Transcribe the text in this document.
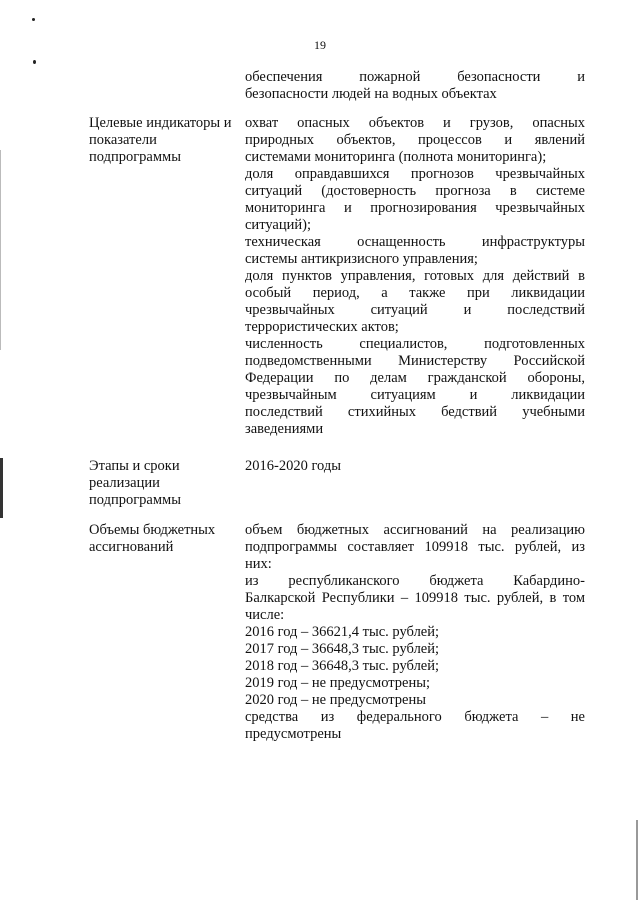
19
обеспечения пожарной безопасности и
безопасности людей на водных объектах
Целевые индикаторы и
показатели
подпрограммы
охват опасных объектов и грузов, опасных
природных объектов, процессов и явлений
системами мониторинга (полнота мониторинга);
доля оправдавшихся прогнозов чрезвычайных
ситуаций (достоверность прогноза в системе
мониторинга и прогнозирования чрезвычайных
ситуаций);
техническая оснащенность инфраструктуры
системы антикризисного управления;
доля пунктов управления, готовых для действий в
особый период, а также при ликвидации
чрезвычайных ситуаций и последствий
террористических актов;
численность специалистов, подготовленных
подведомственными Министерству Российской
Федерации по делам гражданской обороны,
чрезвычайным ситуациям и ликвидации
последствий стихийных бедствий учебными
заведениями
Этапы и сроки
реализации
подпрограммы
2016-2020 годы
Объемы бюджетных
ассигнований
объем бюджетных ассигнований на реализацию
подпрограммы составляет 109918 тыс. рублей, из
них:
из республиканского бюджета Кабардино-
Балкарской Республики – 109918 тыс. рублей, в том
числе:
2016 год – 36621,4 тыс. рублей;
2017 год – 36648,3 тыс. рублей;
2018 год – 36648,3 тыс. рублей;
2019 год – не предусмотрены;
2020 год – не предусмотрены
средства из федерального бюджета – не
предусмотрены
